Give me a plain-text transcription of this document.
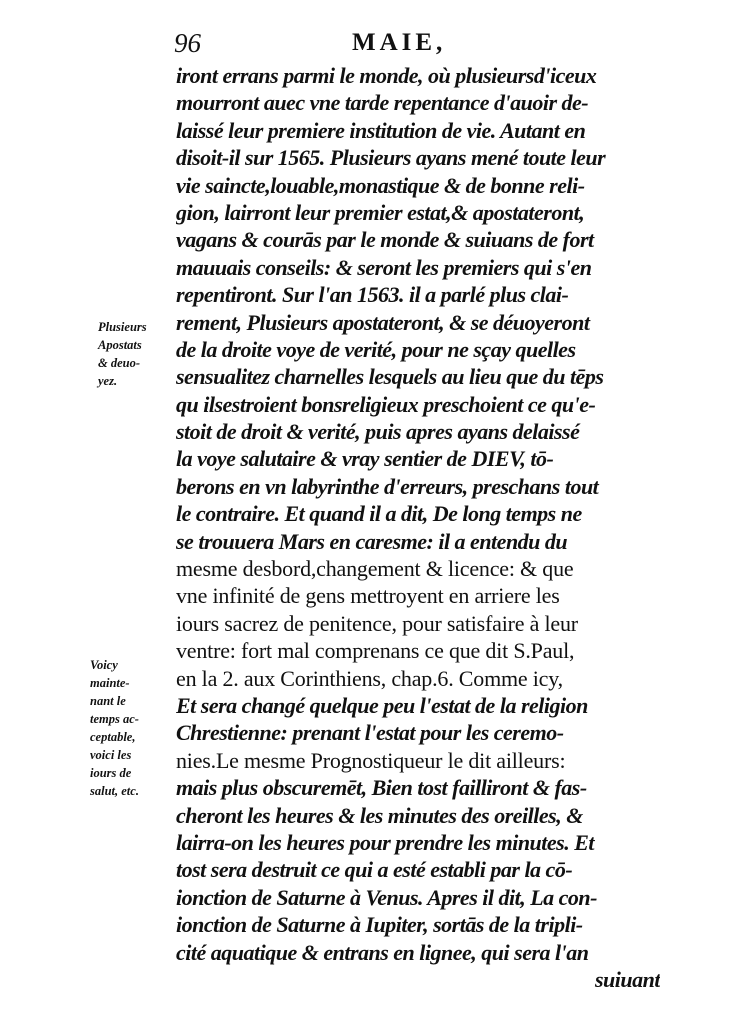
96	MAIE,
Plusieurs
Apostats
& deuo-
yez.
Voicy
mainte-
nant le
temps ac-
ceptable,
voici les
iours de
salut, etc.
iront errans parmi le monde, où plusieursd'iceux
mourront auec vne tarde repentance d'auoir de-
laissé leur premiere institution de vie. Autant en
disoit-il sur 1565. Plusieurs ayans mené toute leur
vie saincte,louable,monastique & de bonne reli-
gion, lairront leur premier estat,& apostateront,
vagans & courās par le monde & suiuans de fort
mauuais conseils: & seront les premiers qui s'en
repentiront. Sur l'an 1563. il a parlé plus clai-
rement, Plusieurs apostateront, & se déuoyeront
de la droite voye de verité, pour ne sçay quelles
sensualitez charnelles lesquels au lieu que du tēps
qu ilsestroient bonsreligieux preschoient ce qu'e-
stoit de droit & verité, puis apres ayans delaissé
la voye salutaire & vray sentier de DIEV, tō-
berons en vn labyrinthe d'erreurs, preschans tout
le contraire. Et quand il a dit, De long temps ne
se trouuera Mars en caresme: il a entendu du
mesme desbord,changement & licence: & que
vne infinité de gens mettroyent en arriere les
iours sacrez de penitence, pour satisfaire à leur
ventre: fort mal comprenans ce que dit S.Paul,
en la 2. aux Corinthiens, chap.6. Comme icy,
Et sera changé quelque peu l'estat de la religion
Chrestienne: prenant l'estat pour les ceremo-
nies.Le mesme Prognostiqueur le dit ailleurs:
mais plus obscuremēt, Bien tost failliront & fas-
cheront les heures & les minutes des oreilles, &
lairra-on les heures pour prendre les minutes. Et
tost sera destruit ce qui a esté establi par la cō-
ionction de Saturne à Venus. Apres il dit, La con-
ionction de Saturne à Iupiter, sortās de la tripli-
cité aquatique & entrans en lignee, qui sera l'an
suiuant
